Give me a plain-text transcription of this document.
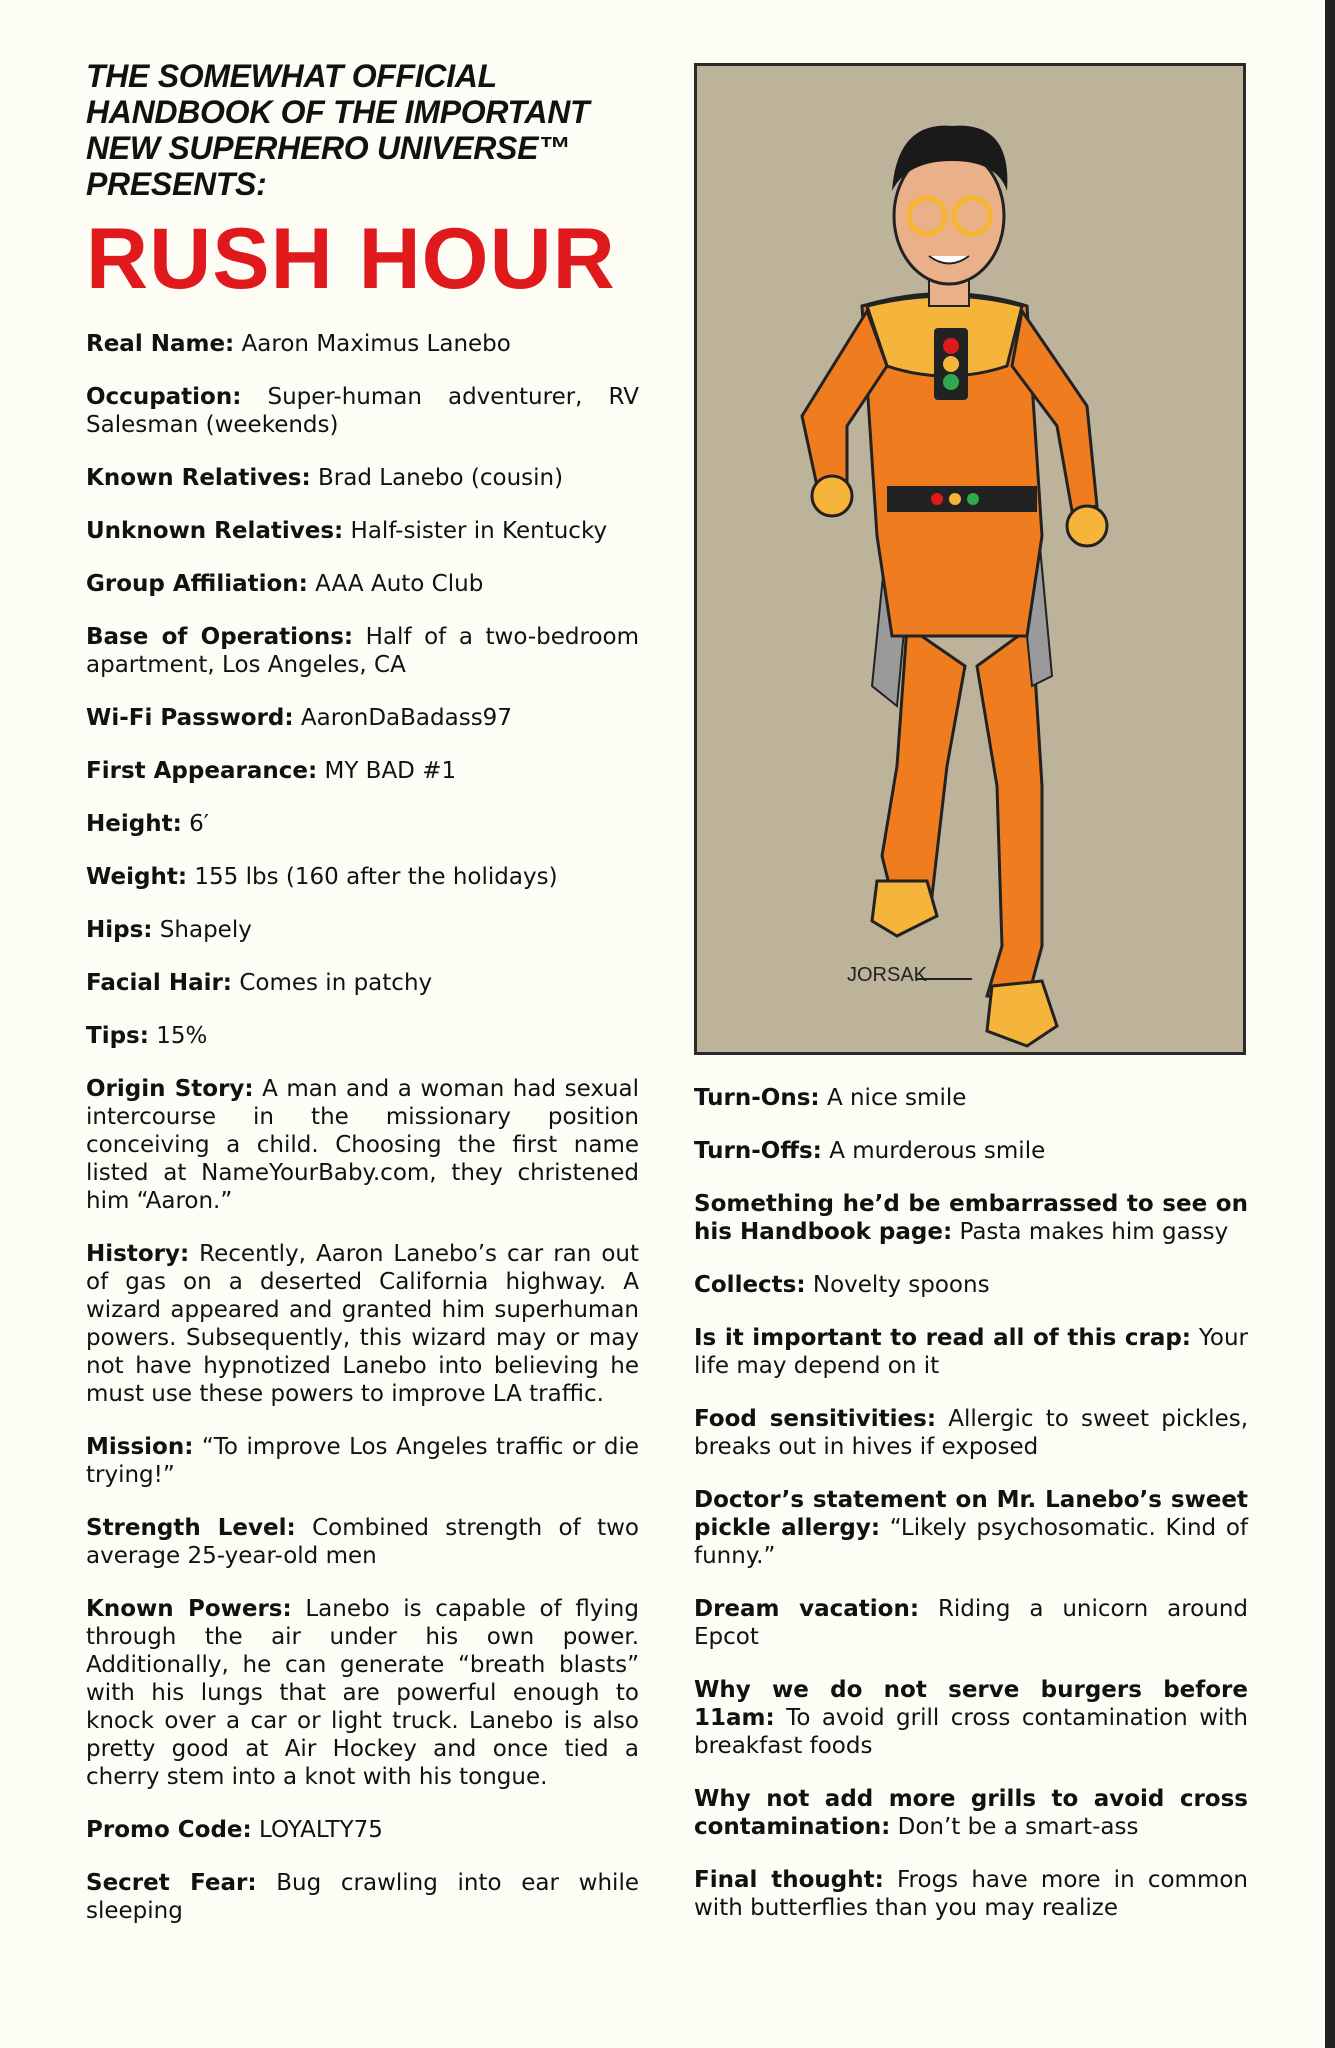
THE SOMEWHAT OFFICIAL
HANDBOOK OF THE IMPORTANT
NEW SUPERHERO UNIVERSE™
PRESENTS:
RUSH HOUR
JORSAK

Real Name: Aaron Maximus Lanebo

Occupation: Super-human adventurer, RV Salesman (weekends)

Known Relatives: Brad Lanebo (cousin)

Unknown Relatives: Half-sister in Kentucky

Group Affiliation: AAA Auto Club

Base of Operations: Half of a two-bedroom apartment, Los Angeles, CA

Wi-Fi Password: AaronDaBadass97

First Appearance: MY BAD #1

Height: 6′

Weight: 155 lbs (160 after the holidays)

Hips: Shapely

Facial Hair: Comes in patchy

Tips: 15%

Origin Story: A man and a woman had sexual intercourse in the missionary position conceiving a child. Choosing the first name listed at NameYourBaby.com, they christened him “Aaron.”

History: Recently, Aaron Lanebo’s car ran out of gas on a deserted California highway. A wizard appeared and granted him superhuman powers. Subsequently, this wizard may or may not have hypnotized Lanebo into believing he must use these powers to improve LA traffic.

Mission: “To improve Los Angeles traffic or die trying!”

Strength Level: Combined strength of two average 25-year-old men

Known Powers: Lanebo is capable of flying through the air under his own power. Additionally, he can generate “breath blasts” with his lungs that are powerful enough to knock over a car or light truck. Lanebo is also pretty good at Air Hockey and once tied a cherry stem into a knot with his tongue.

Promo Code: LOYALTY75

Secret Fear: Bug crawling into ear while sleeping

Turn-Ons: A nice smile

Turn-Offs: A murderous smile

Something he’d be embarrassed to see on his Handbook page: Pasta makes him gassy

Collects: Novelty spoons

Is it important to read all of this crap: Your life may depend on it

Food sensitivities: Allergic to sweet pickles, breaks out in hives if exposed

Doctor’s statement on Mr. Lanebo’s sweet pickle allergy: “Likely psychosomatic. Kind of funny.”

Dream vacation: Riding a unicorn around Epcot

Why we do not serve burgers before 11am: To avoid grill cross contamination with breakfast foods

Why not add more grills to avoid cross contamination: Don’t be a smart-ass

Final thought: Frogs have more in common with butterflies than you may realize
